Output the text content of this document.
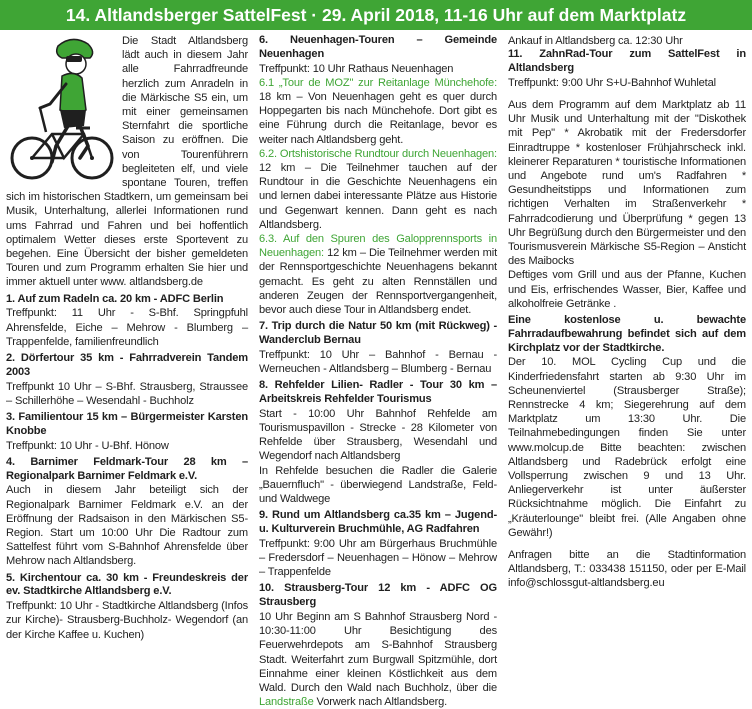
14. Altlandsberger SattelFest · 29. April 2018, 11-16 Uhr auf dem Marktplatz

Die Stadt Altlandsberg lädt auch in diesem Jahr alle Fahrradfreunde herzlich zum Anradeln in die Märkische S5 ein, um mit einer gemeinsamen Sternfahrt die sportliche Saison zu eröffnen. Die von Tourenführern begleiteten elf, und viele spontane Touren, treffen sich im historischen Stadtkern, um gemeinsam bei Musik, Unterhaltung, allerlei Informationen rund ums Fahrrad und Fahren und bei hoffentlich optimalem Wetter dieses erste Sportevent zu begehen. Eine Übersicht der bisher gemeldeten Touren und zum Programm erhalten Sie hier und immer aktuell unter www. altlandsberg.de

1. Auf zum Radeln ca. 20 km - ADFC Berlin

Treffpunkt: 11 Uhr - S-Bhf. Springpfuhl Ahrensfelde, Eiche – Mehrow - Blumberg – Trappenfelde, familienfreundlich

2. Dörfertour 35 km - Fahrradverein Tandem 2003

Treffpunkt 10 Uhr – S-Bhf. Strausberg, Straussee – Schillerhöhe – Wesendahl - Buchholz

3. Familientour 15 km – Bürgermeister Karsten Knobbe

Treffpunkt: 10 Uhr - U-Bhf. Hönow

4. Barnimer Feldmark-Tour 28 km – Regionalpark Barnimer Feldmark e.V.

Auch in diesem Jahr beteiligt sich der Regionalpark Barnimer Feldmark e.V. an der Eröffnung der Radsaison in den Märkischen S5-Region. Start um 10:00 Uhr Die Radtour zum Sattelfest führt vom S-Bahnhof Ahrensfelde über Mehrow nach Altlandsberg.

5. Kirchentour ca. 30 km - Freundeskreis der ev. Stadtkirche Altlandsberg e.V.

Treffpunkt: 10 Uhr - Stadtkirche Altlandsberg (Infos zur Kirche)- Strausberg-Buchholz- Wegendorf (an der Kirche Kaffee u. Kuchen)

6. Neuenhagen-Touren – Gemeinde Neuenhagen

Treffpunkt: 10 Uhr Rathaus Neuenhagen

6.1 „Tour de MOZ" zur Reitanlage Münchehofe: 18 km – Von Neuenhagen geht es quer durch Hoppegarten bis nach Münchehofe. Dort gibt es eine Führung durch die Reitanlage, bevor es weiter nach Altlandsberg geht.

6.2. Ortshistorische Rundtour durch Neuenhagen: 12 km – Die Teilnehmer tauchen auf der Rundtour in die Geschichte Neuenhagens ein und lernen dabei interessante Plätze aus Historie und Gegenwart kennen. Dann geht es nach Altlandsberg.

6.3. Auf den Spuren des Galopprennsports in Neuenhagen: 12 km – Die Teilnehmer werden mit der Rennsportgeschichte Neuenhagens bekannt gemacht. Es geht zu alten Rennställen und anderen Zeugen der Rennsportvergangenheit, bevor auch diese Tour in Altlandsberg endet.

7. Trip durch die Natur 50 km (mit Rückweg) - Wanderclub Bernau

Treffpunkt: 10 Uhr – Bahnhof - Bernau - Werneuchen - Altlandsberg – Blumberg - Bernau

8. Rehfelder Lilien- Radler - Tour 30 km – Arbeitskreis Rehfelder Tourismus

Start - 10:00 Uhr Bahnhof Rehfelde am Tourismuspavillon - Strecke - 28 Kilometer von Rehfelde über Strausberg, Wesendahl und Wegendorf nach Altlandsberg

In Rehfelde besuchen die Radler die Galerie „Bauernfluch" - überwiegend Landstraße, Feld- und Waldwege

9. Rund um Altlandsberg ca.35 km – Jugend- u. Kulturverein Bruchmühle, AG Radfahren

Treffpunkt: 9:00 Uhr am Bürgerhaus Bruchmühle – Fredersdorf – Neuenhagen – Hönow – Mehrow – Trappenfelde

10. Strausberg-Tour 12 km - ADFC OG Strausberg

10 Uhr Beginn am S Bahnhof Strausberg Nord - 10:30-11:00 Uhr Besichtigung des Feuerwehrdepots am S-Bahnhof Strausberg Stadt. Weiterfahrt zum Burgwall Spitzmühle, dort Einnahme einer kleinen Köstlichkeit aus dem Wald. Durch den Wald nach Buchholz, über die Landstraße Vorwerk nach Altlandsberg.

Ankauf in Altlandsberg ca. 12:30 Uhr

11. ZahnRad-Tour zum SattelFest in Altlandsberg

Treffpunkt: 9:00 Uhr S+U-Bahnhof Wuhletal

Aus dem Programm auf dem Marktplatz ab 11 Uhr Musik und Unterhaltung mit der "Diskothek mit Pep" * Akrobatik mit der Fredersdorfer Einradtruppe * kostenloser Frühjahrscheck inkl. kleinerer Reparaturen * touristische Informationen und Angebote rund um's Radfahren * Gesundheitstipps und Informationen zum richtigen Verhalten im Straßenverkehr * Fahrradcodierung und Überprüfung * gegen 13 Uhr Begrüßung durch den Bürgermeister und den Tourismusverein Märkische S5-Region – Ansticht des Maibocks

Deftiges vom Grill und aus der Pfanne, Kuchen und Eis, erfrischendes Wasser, Bier, Kaffee und alkoholfreie Getränke .

Eine kostenlose u. bewachte Fahrradaufbewahrung befindet sich auf dem Kirchplatz vor der Stadtkirche.

Der 10. MOL Cycling Cup und die Kinderfriedensfahrt starten ab 9:30 Uhr im Scheunenviertel (Strausberger Straße); Rennstrecke 4 km; Siegerehrung auf dem Marktplatz um 13:30 Uhr. Die Teilnahmebedingungen finden Sie unter www.molcup.de Bitte beachten: zwischen Altlandsberg und Radebrück erfolgt eine Vollsperrung zwischen 9 und 13 Uhr. Anliegerverkehr ist unter äußerster Rücksichtnahme möglich. Die Einfahrt zu „Kräuterlounge" bleibt frei. (Alle Angaben ohne Gewähr!)

Anfragen bitte an die Stadtinformation Altlandsberg, T.: 033438 151150, oder per E-Mail info@schlossgut-altlandsberg.eu
